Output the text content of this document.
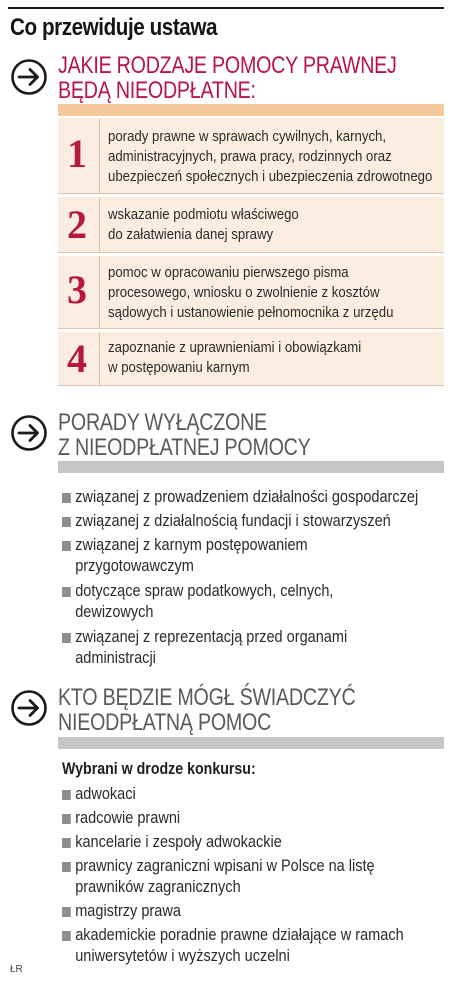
Co przewiduje ustawa
JAKIE RODZAJE POMOCY PRAWNEJ
BĘDĄ NIEODPŁATNE:
1 porady prawne w sprawach cywilnych, karnych,
administracyjnych, prawa pracy, rodzinnych oraz
ubezpieczeń społecznych i ubezpieczenia zdrowotnego
2 wskazanie podmiotu właściwego
do załatwienia danej sprawy
3 pomoc w opracowaniu pierwszego pisma
procesowego, wniosku o zwolnienie z kosztów
sądowych i ustanowienie pełnomocnika z urzędu
4 zapoznanie z uprawnieniami i obowiązkami
w postępowaniu karnym
PORADY WYŁĄCZONE
Z NIEODPŁATNEJ POMOCY
związanej z prowadzeniem działalności gospodarczej
związanej z działalnością fundacji i stowarzyszeń
związanej z karnym postępowaniem
przygotowawczym
dotyczące spraw podatkowych, celnych,
dewizowych
związanej z reprezentacją przed organami
administracji
KTO BĘDZIE MÓGŁ ŚWIADCZYĆ
NIEODPŁATNĄ POMOC
Wybrani w drodze konkursu:
adwokaci
radcowie prawni
kancelarie i zespoły adwokackie
prawnicy zagraniczni wpisani w Polsce na listę
prawników zagranicznych
magistrzy prawa
akademickie poradnie prawne działające w ramach
uniwersytetów i wyższych uczelni
ŁR
